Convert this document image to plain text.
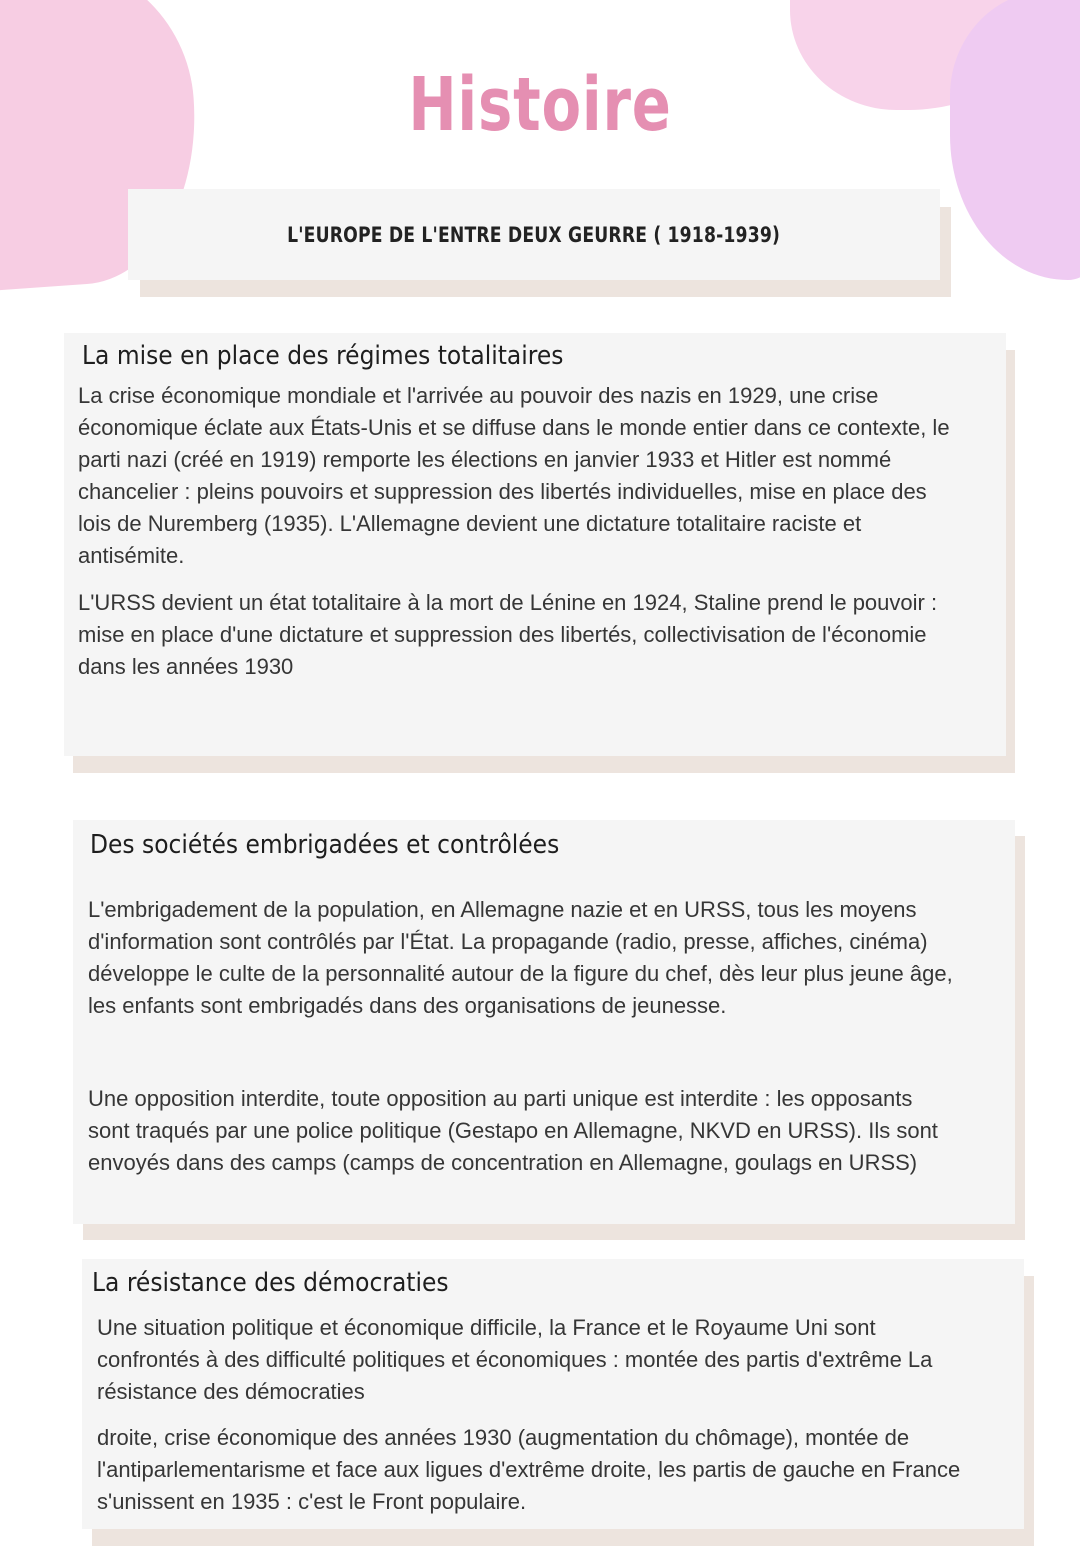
Histoire
L'EUROPE DE L'ENTRE DEUX GEURRE ( 1918-1939)
La mise en place des régimes totalitaires

La crise économique mondiale et l'arrivée au pouvoir des nazis en 1929, une crise
économique éclate aux États-Unis et se diffuse dans le monde entier dans ce contexte, le
parti nazi (créé en 1919) remporte les élections en janvier 1933 et Hitler est nommé
chancelier : pleins pouvoirs et suppression des libertés individuelles, mise en place des
lois de Nuremberg (1935). L'Allemagne devient une dictature totalitaire raciste et
antisémite.

L'URSS devient un état totalitaire à la mort de Lénine en 1924, Staline prend le pouvoir :
mise en place d'une dictature et suppression des libertés, collectivisation de l'économie
dans les années 1930

Des sociétés embrigadées et contrôlées

L'embrigadement de la population, en Allemagne nazie et en URSS, tous les moyens
d'information sont contrôlés par l'État. La propagande (radio, presse, affiches, cinéma)
développe le culte de la personnalité autour de la figure du chef, dès leur plus jeune âge,
les enfants sont embrigadés dans des organisations de jeunesse.

Une opposition interdite, toute opposition au parti unique est interdite : les opposants
sont traqués par une police politique (Gestapo en Allemagne, NKVD en URSS). Ils sont
envoyés dans des camps (camps de concentration en Allemagne, goulags en URSS)

La résistance des démocraties

Une situation politique et économique difficile, la France et le Royaume Uni sont
confrontés à des difficulté politiques et économiques : montée des partis d'extrême La
résistance des démocraties

droite, crise économique des années 1930 (augmentation du chômage), montée de
l'antiparlementarisme et face aux ligues d'extrême droite, les partis de gauche en France
s'unissent en 1935 : c'est le Front populaire.
